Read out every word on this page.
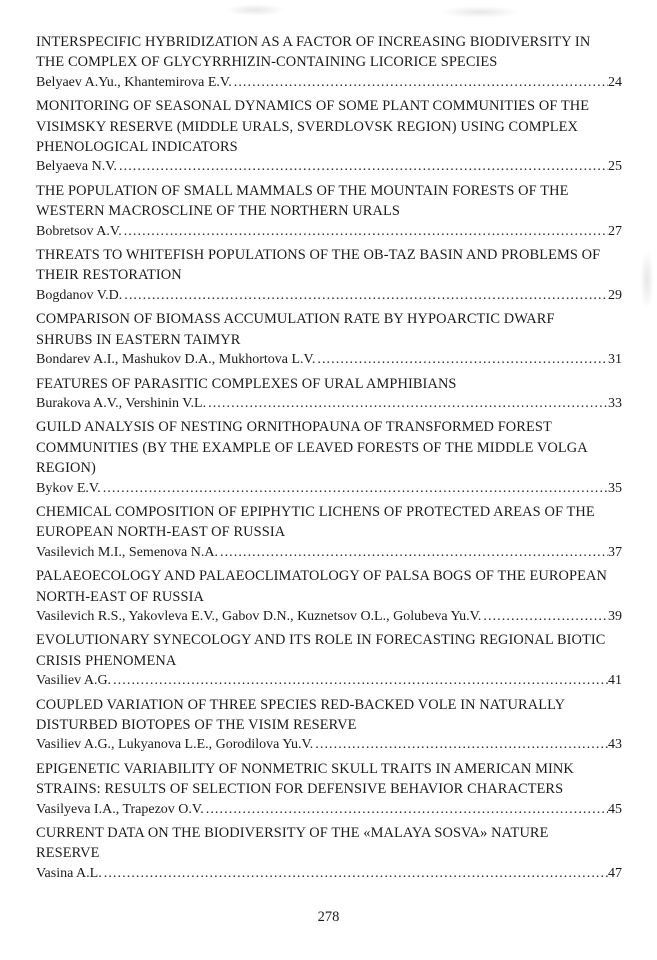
INTERSPECIFIC HYBRIDIZATION AS A FACTOR OF INCREASING BIODIVERSITY IN
THE COMPLEX OF GLYCYRRHIZIN-CONTAINING LICORICE SPECIES
Belyaev A.Yu., Khantemirova E.V. .....	24
MONITORING OF SEASONAL DYNAMICS OF SOME PLANT COMMUNITIES OF THE
VISIMSKY RESERVE (MIDDLE URALS, SVERDLOVSK REGION) USING COMPLEX
PHENOLOGICAL INDICATORS
Belyaeva N.V. .....	25
THE POPULATION OF SMALL MAMMALS OF THE MOUNTAIN FORESTS OF THE
WESTERN MACROSCLINE OF THE NORTHERN URALS
Bobretsov A.V. .....	27
THREATS TO WHITEFISH POPULATIONS OF THE OB-TAZ BASIN AND PROBLEMS OF
THEIR RESTORATION
Bogdanov V.D. .....	29
COMPARISON OF BIOMASS ACCUMULATION RATE BY HYPOARCTIC DWARF
SHRUBS IN EASTERN TAIMYR
Bondarev A.I., Mashukov D.A., Mukhortova L.V. .....	31
FEATURES OF PARASITIC COMPLEXES OF URAL AMPHIBIANS
Burakova A.V., Vershinin V.L. .....	33
GUILD ANALYSIS OF NESTING ORNITHOPAUNA OF TRANSFORMED FOREST
COMMUNITIES (BY THE EXAMPLE OF LEAVED FORESTS OF THE MIDDLE VOLGA
REGION)
Bykov E.V. .....	35
CHEMICAL COMPOSITION OF EPIPHYTIC LICHENS OF PROTECTED AREAS OF THE
EUROPEAN NORTH-EAST OF RUSSIA
Vasilevich M.I., Semenova N.A. .....	37
PALAEOECOLOGY AND PALAEOCLIMATOLOGY OF PALSA BOGS OF THE EUROPEAN
NORTH-EAST OF RUSSIA
Vasilevich R.S., Yakovleva E.V., Gabov D.N., Kuznetsov O.L., Golubeva Yu.V. .....	39
EVOLUTIONARY SYNECOLOGY AND ITS ROLE IN FORECASTING REGIONAL BIOTIC
CRISIS PHENOMENA
Vasiliev A.G. .....	41
COUPLED VARIATION OF THREE SPECIES RED-BACKED VOLE IN NATURALLY
DISTURBED BIOTOPES OF THE VISIM RESERVE
Vasiliev A.G., Lukyanova L.E., Gorodilova Yu.V. .....	43
EPIGENETIC VARIABILITY OF NONMETRIC SKULL TRAITS IN AMERICAN MINK
STRAINS: RESULTS OF SELECTION FOR DEFENSIVE BEHAVIOR CHARACTERS
Vasilyeva I.A., Trapezov O.V. .....	45
CURRENT DATA ON THE BIODIVERSITY OF THE «MALAYA SOSVA» NATURE
RESERVE
Vasina A.L. .....	47
278
